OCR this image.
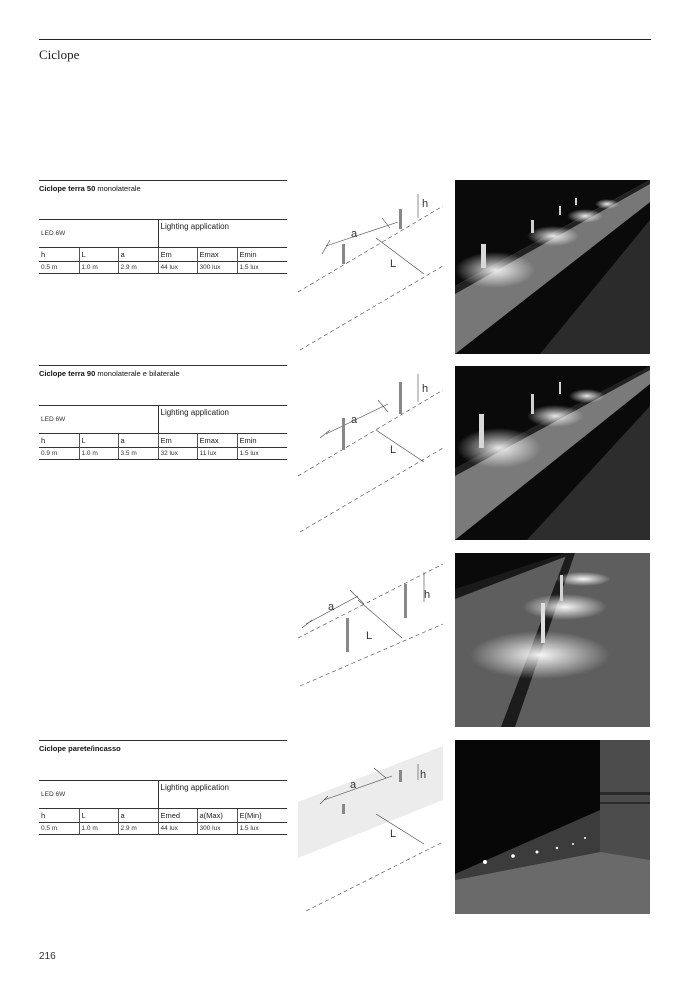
Ciclope
Ciclope terra 50 monolaterale
LED 6W			Lighting application		
h	L	a	Em	Emax	Emin
0.5 m	1.0 m	2.9 m	44 lux	300 lux	1.5 lux
Ciclope terra 90 monolaterale e bilaterale
LED 6W			Lighting application		
h	L	a	Em	Emax	Emin
0.9 m	1.0 m	3.5 m	32 lux	11 lux	1.5 lux
Ciclope parete/incasso
LED 6W			Lighting application		
h	L	a	Emed	a(Max)	E(Min)
0.5 m	1.0 m	2.9 m	44 lux	300 lux	1.5 lux
h
a
L
h
a
L
h
a
L
h
a
L
216
